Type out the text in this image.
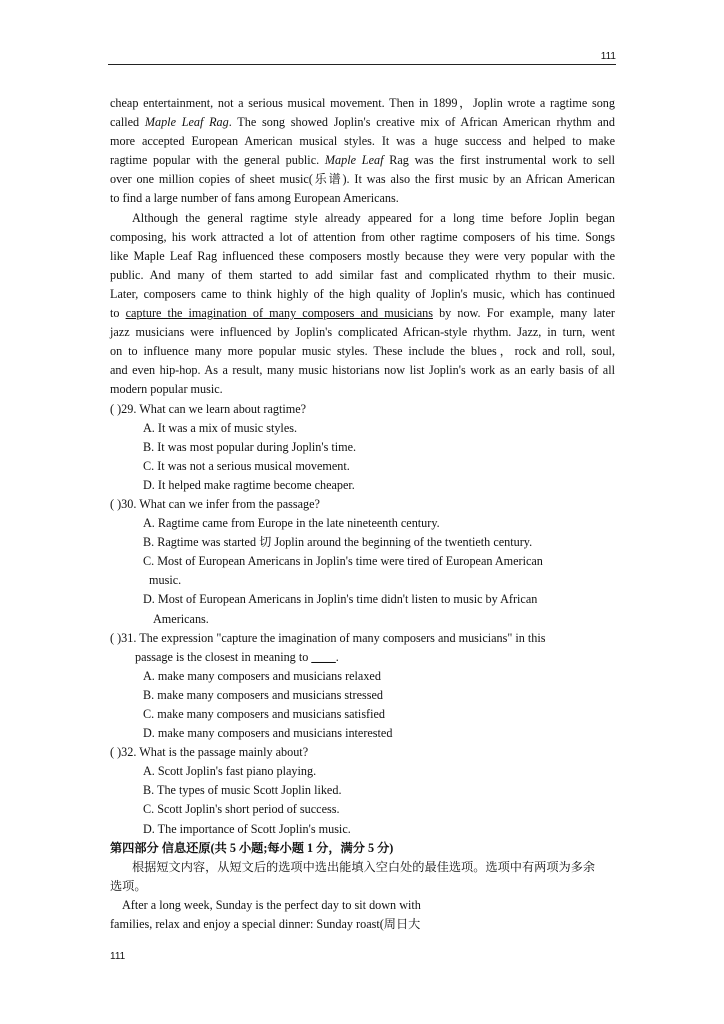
111
cheap entertainment, not a serious musical movement. Then in 1899，Joplin wrote a ragtime song
called Maple Leaf Rag. The song showed Joplin's creative mix of African American rhythm and
more accepted European American musical styles. It was a huge success and helped to make
ragtime popular with the general public. Maple Leaf Rag was the first instrumental work to sell
over one million copies of sheet music(乐谱). It was also the first music by an African American
to find a large number of fans among European Americans.
Although the general ragtime style already appeared for a long time before Joplin began
composing, his work attracted a lot of attention from other ragtime composers of his time. Songs
like Maple Leaf Rag influenced these composers mostly because they were very popular with the
public. And many of them started to add similar fast and complicated rhythm to their music.
Later, composers came to think highly of the high quality of Joplin's music, which has continued
to capture the imagination of many composers and musicians by now. For example, many later
jazz musicians were influenced by Joplin's complicated African-style rhythm. Jazz, in turn, went
on to influence many more popular music styles. These include the blues，rock and roll, soul,
and even hip-hop. As a result, many music historians now list Joplin's work as an early basis of all
modern popular music.
( )29. What can we learn about ragtime?
A. It was a mix of music styles.
B. It was most popular during Joplin's time.
C. It was not a serious musical movement.
D. It helped make ragtime become cheaper.
( )30. What can we infer from the passage?
A. Ragtime came from Europe in the late nineteenth century.
B. Ragtime was started 切 Joplin around the beginning of the twentieth century.
C. Most of European Americans in Joplin's time were tired of European American
music.
D. Most of European Americans in Joplin's time didn't listen to music by African
Americans.
( )31. The expression "capture the imagination of many composers and musicians" in this
passage is the closest in meaning to ____.
A. make many composers and musicians relaxed
B. make many composers and musicians stressed
C. make many composers and musicians satisfied
D. make many composers and musicians interested
( )32. What is the passage mainly about?
A. Scott Joplin's fast piano playing.
B. The types of music Scott Joplin liked.
C. Scott Joplin's short period of success.
D. The importance of Scott Joplin's music.
第四部分 信息还原(共 5 小题;每小题 1 分，满分 5 分)
根据短文内容，从短文后的选项中选出能填入空白处的最佳选项。选项中有两项为多余
选项。
After a long week, Sunday is the perfect day to sit down with
families, relax and enjoy a special dinner: Sunday roast(周日大
111
